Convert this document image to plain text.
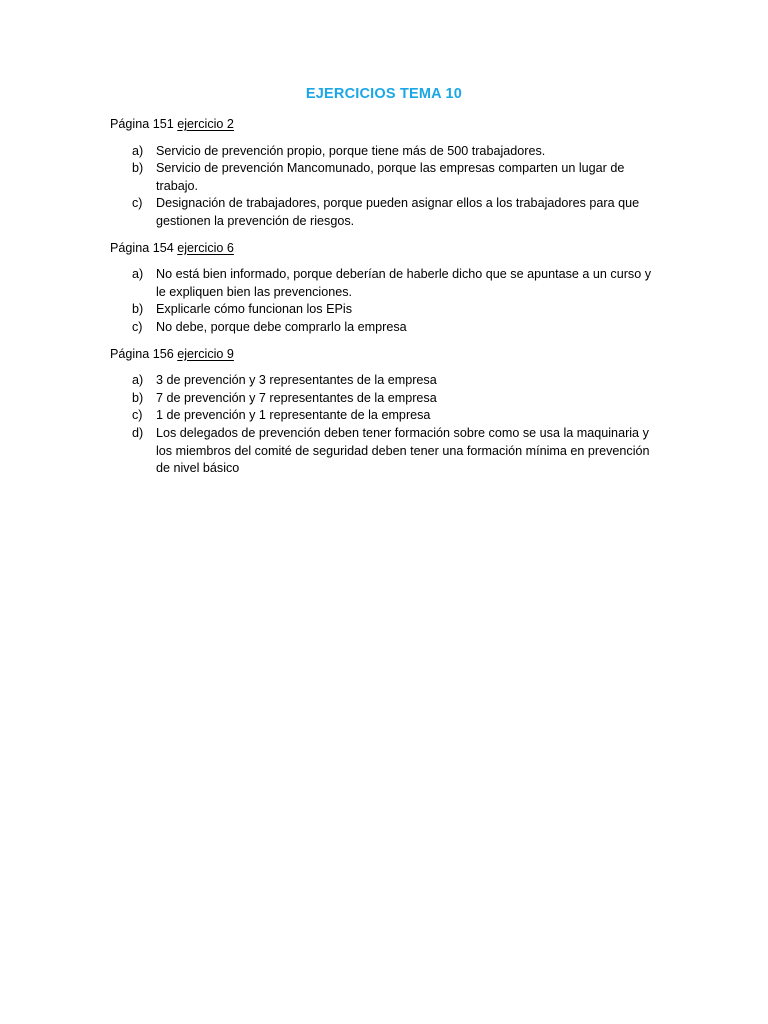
EJERCICIOS TEMA 10
Página 151 ejercicio 2
a) Servicio de prevención propio, porque tiene más de 500 trabajadores.
b) Servicio de prevención Mancomunado, porque las empresas comparten un lugar de trabajo.
c) Designación de trabajadores, porque pueden asignar ellos a los trabajadores para que gestionen la prevención de riesgos.
Página 154 ejercicio 6
a) No está bien informado, porque deberían de haberle dicho que se apuntase a un curso y le expliquen bien las prevenciones.
b) Explicarle cómo funcionan los EPis
c) No debe, porque debe comprarlo la empresa
Página 156 ejercicio 9
a) 3 de prevención y 3 representantes de la empresa
b) 7 de prevención y 7 representantes de la empresa
c) 1 de prevención y 1 representante de la empresa
d) Los delegados de prevención deben tener formación sobre como se usa la maquinaria y los miembros del comité de seguridad deben tener una formación mínima en prevención de nivel básico
